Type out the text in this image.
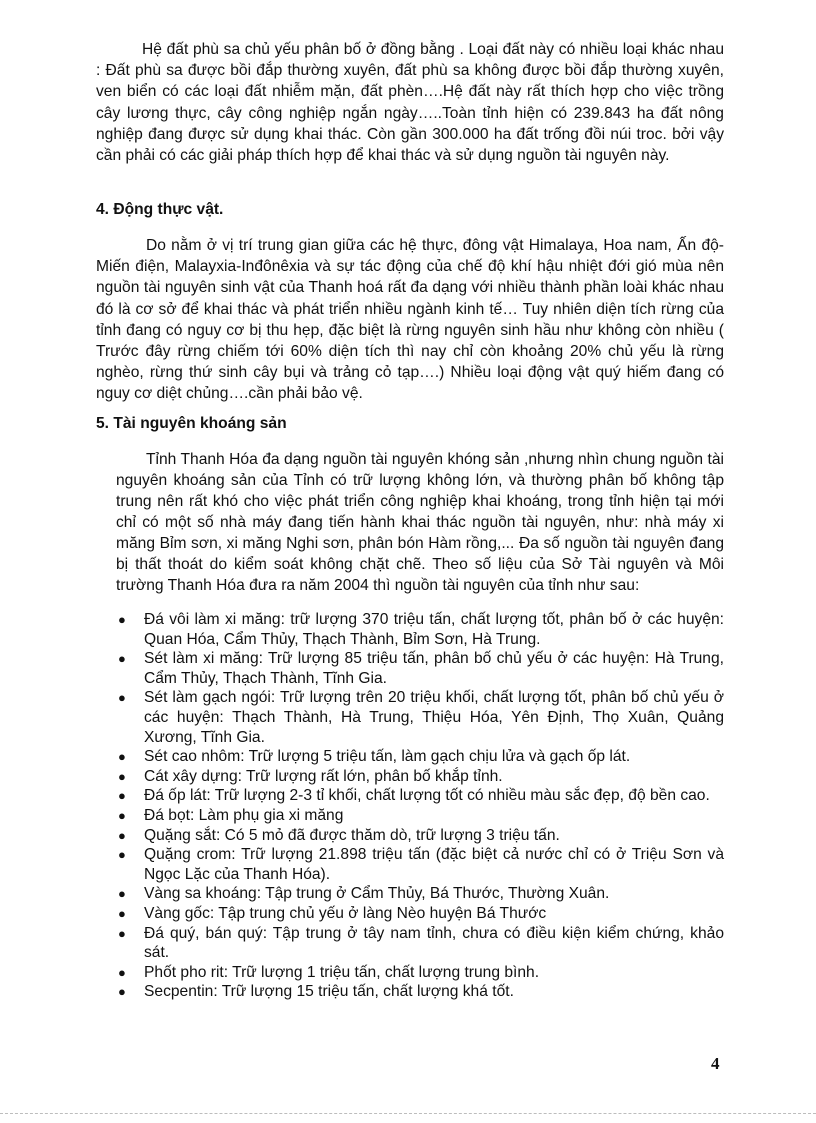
Hệ đất phù sa chủ yếu phân bố ở đồng bằng . Loại đất này có nhiều loại khác nhau : Đất phù sa được bồi đắp thường xuyên, đất phù sa không được bồi đắp thường xuyên, ven biển có các loại đất nhiễm mặn, đất phèn….Hệ đất này rất thích hợp cho việc trồng cây lương thực, cây công nghiệp ngắn ngày…..Toàn tỉnh hiện có 239.843 ha đất nông nghiệp đang được sử dụng khai thác. Còn gần 300.000 ha đất trống đồi núi troc. bởi vậy cần phải có các giải pháp thích hợp để khai thác và sử dụng nguồn tài nguyên này.

4. Động thực vật.

Do nằm ở vị trí trung gian giữa các hệ thực, đông vật Himalaya, Hoa nam, Ấn độ-Miến điện, Malayxia-Inđônêxia và sự tác động của chế độ khí hậu nhiệt đới gió mùa nên nguồn tài nguyên sinh vật của Thanh hoá rất đa dạng với nhiều thành phần loài khác nhau đó là cơ sở để khai thác và phát triển nhiều ngành kinh tế… Tuy nhiên diện tích rừng của tỉnh đang có nguy cơ bị thu hẹp, đặc biệt là rừng nguyên sinh hầu như không còn nhiều ( Trước đây rừng chiếm tới 60% diện tích thì nay chỉ còn khoảng 20% chủ yếu là rừng nghèo, rừng thứ sinh cây bụi và trảng cỏ tạp….) Nhiều loại động vật quý hiếm đang có nguy cơ diệt chủng….cần phải bảo vệ.

5. Tài nguyên khoáng sản

Tỉnh Thanh Hóa đa dạng nguồn tài nguyên khóng sản ,nhưng nhìn chung nguồn tài nguyên khoáng sản của Tỉnh có trữ lượng không lớn, và thường phân bố không tập trung nên rất khó cho việc phát triển công nghiệp khai khoáng, trong tỉnh hiện tại mới chỉ có một số nhà máy đang tiến hành khai thác nguồn tài nguyên, như: nhà máy xi măng Bỉm sơn, xi măng Nghi sơn, phân bón Hàm rồng,... Đa số nguồn tài nguyên đang bị thất thoát do kiểm soát không chặt chẽ. Theo số liệu của Sở Tài nguyên và Môi trường Thanh Hóa đưa ra năm 2004 thì nguồn tài nguyên của tỉnh như sau:

● Đá vôi làm xi măng: trữ lượng 370 triệu tấn, chất lượng tốt, phân bố ở các huyện: Quan Hóa, Cẩm Thủy, Thạch Thành, Bỉm Sơn, Hà Trung.
● Sét làm xi măng: Trữ lượng 85 triệu tấn, phân bố chủ yếu ở các huyện: Hà Trung, Cẩm Thủy, Thạch Thành, Tĩnh Gia.
● Sét làm gạch ngói: Trữ lượng trên 20 triệu khối, chất lượng tốt, phân bố chủ yếu ở các huyện: Thạch Thành, Hà Trung, Thiệu Hóa, Yên Định, Thọ Xuân, Quảng Xương, Tĩnh Gia.
● Sét cao nhôm: Trữ lượng 5 triệu tấn, làm gạch chịu lửa và gạch ốp lát.
● Cát xây dựng: Trữ lượng rất lớn, phân bố khắp tỉnh.
● Đá ốp lát: Trữ lượng 2-3 tỉ khối, chất lượng tốt có nhiều màu sắc đẹp, độ bền cao.
● Đá bọt: Làm phụ gia xi măng
● Quặng sắt: Có 5 mỏ đã được thăm dò, trữ lượng 3 triệu tấn.
● Quặng crom: Trữ lượng 21.898 triệu tấn (đặc biệt cả nước chỉ có ở Triệu Sơn và Ngọc Lặc của Thanh Hóa).
● Vàng sa khoáng: Tập trung ở Cẩm Thủy, Bá Thước, Thường Xuân.
● Vàng gốc: Tập trung chủ yếu ở làng Nèo huyện Bá Thước
● Đá quý, bán quý: Tập trung ở tây nam tỉnh, chưa có điều kiện kiểm chứng, khảo sát.
● Phốt pho rit: Trữ lượng 1 triệu tấn, chất lượng trung bình.
● Secpentin: Trữ lượng 15 triệu tấn, chất lượng khá tốt.
4
